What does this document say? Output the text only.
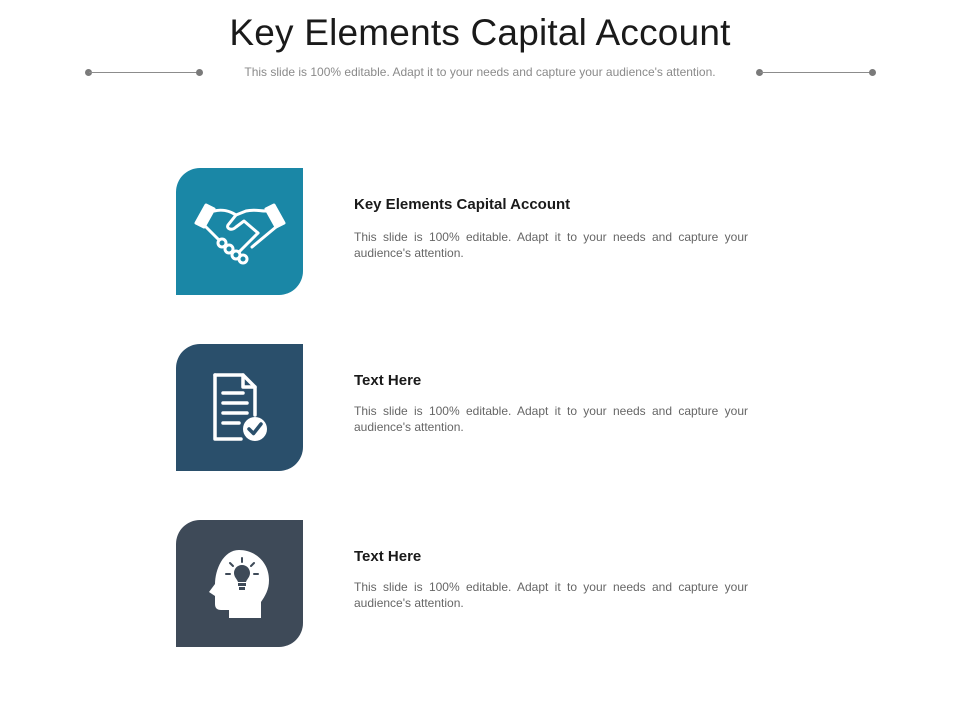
Key Elements Capital Account
This slide is 100% editable. Adapt it to your needs and capture your audience's attention.
Key Elements Capital Account
This slide is 100% editable. Adapt it to your needs and capture your audience's attention.
Text Here
This slide is 100% editable. Adapt it to your needs and capture your audience's attention.
Text Here
This slide is 100% editable. Adapt it to your needs and capture your audience's attention.
